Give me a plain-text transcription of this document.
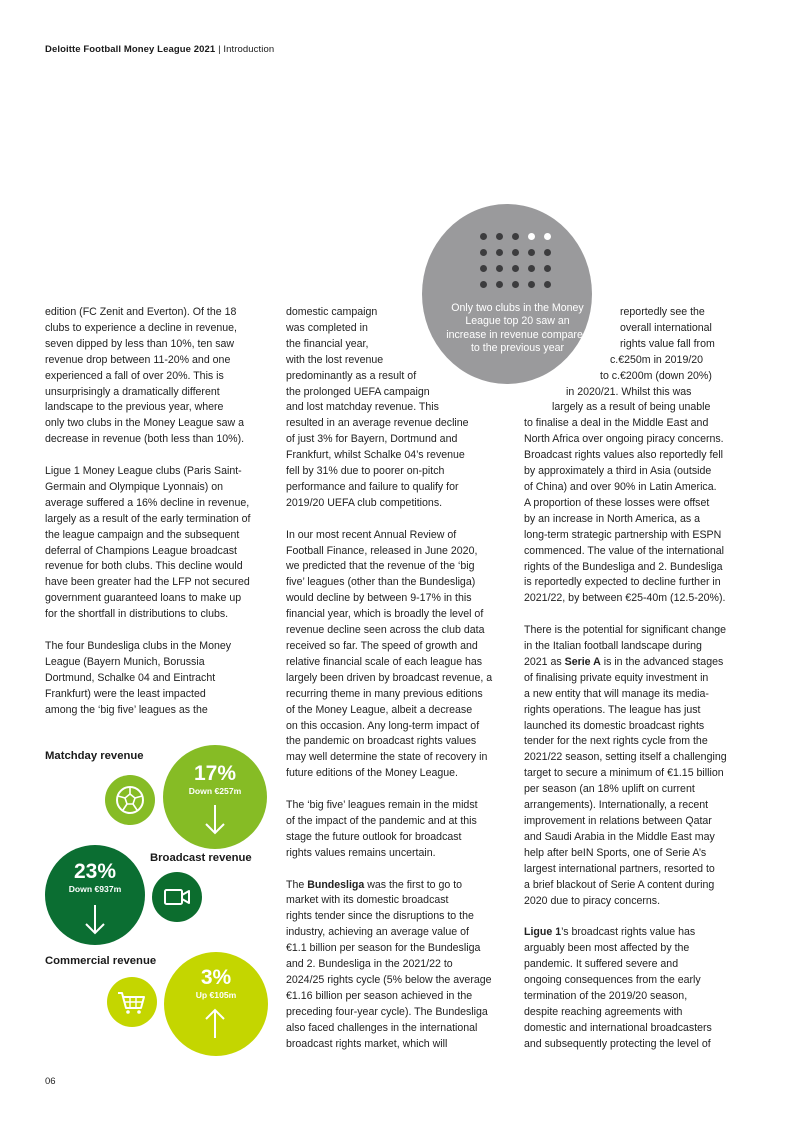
Deloitte Football Money League 2021 | Introduction

edition (FC Zenit and Everton). Of the 18
clubs to experience a decline in revenue,
seven dipped by less than 10%, ten saw
revenue drop between 11-20% and one
experienced a fall of over 20%. This is
unsurprisingly a dramatically different
landscape to the previous year, where
only two clubs in the Money League saw a
decrease in revenue (both less than 10%).

Ligue 1 Money League clubs (Paris Saint-
Germain and Olympique Lyonnais) on
average suffered a 16% decline in revenue,
largely as a result of the early termination of
the league campaign and the subsequent
deferral of Champions League broadcast
revenue for both clubs. This decline would
have been greater had the LFP not secured
government guaranteed loans to make up
for the shortfall in distributions to clubs.

The four Bundesliga clubs in the Money
League (Bayern Munich, Borussia
Dortmund, Schalke 04 and Eintracht
Frankfurt) were the least impacted
among the ‘big five’ leagues as the

domestic campaign
was completed in
the financial year,
with the lost revenue
predominantly as a result of
the prolonged UEFA campaign
and lost matchday revenue. This
resulted in an average revenue decline
of just 3% for Bayern, Dortmund and
Frankfurt, whilst Schalke 04’s revenue
fell by 31% due to poorer on-pitch
performance and failure to qualify for
2019/20 UEFA club competitions.

In our most recent Annual Review of
Football Finance, released in June 2020,
we predicted that the revenue of the ‘big
five’ leagues (other than the Bundesliga)
would decline by between 9-17% in this
financial year, which is broadly the level of
revenue decline seen across the club data
received so far. The speed of growth and
relative financial scale of each league has
largely been driven by broadcast revenue, a
recurring theme in many previous editions
of the Money League, albeit a decrease
on this occasion. Any long-term impact of
the pandemic on broadcast rights values
may well determine the state of recovery in
future editions of the Money League.

The ‘big five’ leagues remain in the midst
of the impact of the pandemic and at this
stage the future outlook for broadcast
rights values remains uncertain.

The Bundesliga was the first to go to
market with its domestic broadcast
rights tender since the disruptions to the
industry, achieving an average value of
€1.1 billion per season for the Bundesliga
and 2. Bundesliga in the 2021/22 to
2024/25 rights cycle (5% below the average
€1.16 billion per season achieved in the
preceding four-year cycle). The Bundesliga
also faced challenges in the international
broadcast rights market, which will

reportedly see the
overall international
rights value fall from
c.€250m in 2019/20
to c.€200m (down 20%)
in 2020/21. Whilst this was
largely as a result of being unable
to finalise a deal in the Middle East and
North Africa over ongoing piracy concerns.
Broadcast rights values also reportedly fell
by approximately a third in Asia (outside
of China) and over 90% in Latin America.
A proportion of these losses were offset
by an increase in North America, as a
long-term strategic partnership with ESPN
commenced. The value of the international
rights of the Bundesliga and 2. Bundesliga
is reportedly expected to decline further in
2021/22, by between €25-40m (12.5-20%).

There is the potential for significant change
in the Italian football landscape during
2021 as Serie A is in the advanced stages
of finalising private equity investment in
a new entity that will manage its media-
rights operations. The league has just
launched its domestic broadcast rights
tender for the next rights cycle from the
2021/22 season, setting itself a challenging
target to secure a minimum of €1.15 billion
per season (an 18% uplift on current
arrangements). Internationally, a recent
improvement in relations between Qatar
and Saudi Arabia in the Middle East may
help after beIN Sports, one of Serie A’s
largest international partners, resorted to
a brief blackout of Serie A content during
2020 due to piracy concerns.

Ligue 1’s broadcast rights value has
arguably been most affected by the
pandemic. It suffered severe and
ongoing consequences from the early
termination of the 2019/20 season,
despite reaching agreements with
domestic and international broadcasters
and subsequently protecting the level of

Only two clubs in the Money League top 20 saw an increase in revenue compared to the previous year
Matchday revenue
Broadcast revenue
Commercial revenue
17%
Down €257m
23%
Down €937m
3%
Up €105m
06
